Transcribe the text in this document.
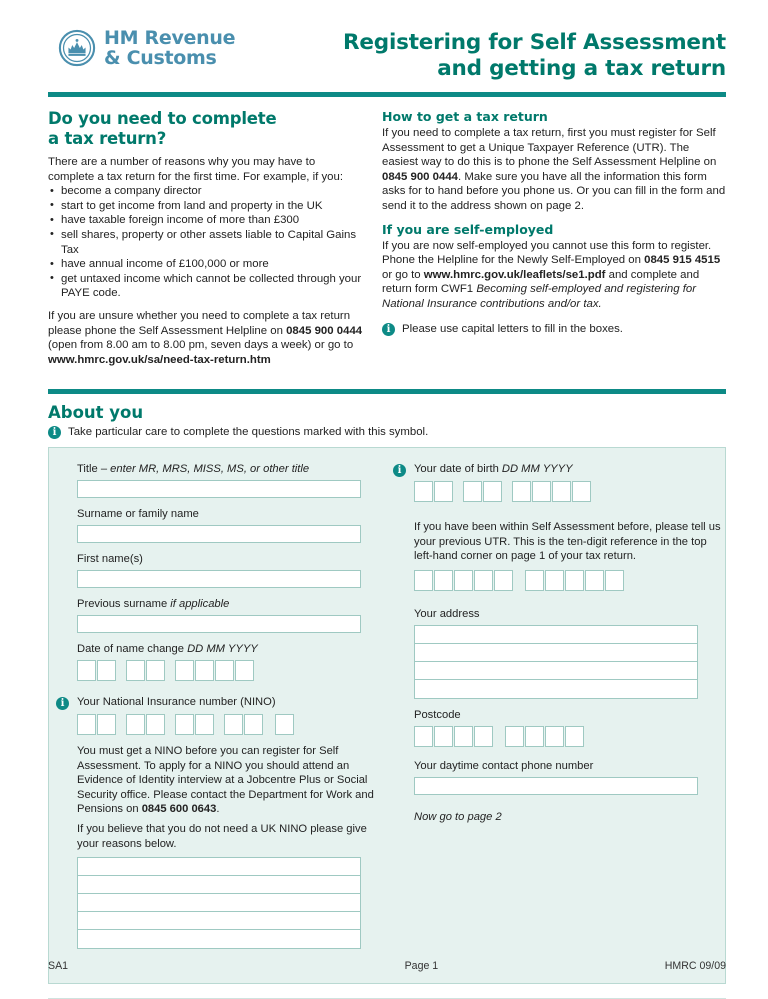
HM Revenue
& Customs
Registering for Self Assessment
and getting a tax return
Do you need to complete
a tax return?

There are a number of reasons why you may have to complete a tax return for the first time. For example, if you:

• become a company director
• start to get income from land and property in the UK
• have taxable foreign income of more than £300
• sell shares, property or other assets liable to Capital Gains Tax
• have annual income of £100,000 or more
• get untaxed income which cannot be collected through your PAYE code.

If you are unsure whether you need to complete a tax return please phone the Self Assessment Helpline on 0845 900 0444 (open from 8.00 am to 8.00 pm, seven days a week) or go to www.hmrc.gov.uk/sa/need-tax-return.htm

How to get a tax return

If you need to complete a tax return, first you must register for Self Assessment to get a Unique Taxpayer Reference (UTR). The easiest way to do this is to phone the Self Assessment Helpline on 0845 900 0444. Make sure you have all the information this form asks for to hand before you phone us. Or you can fill in the form and send it to the address shown on page 2.

If you are self-employed

If you are now self-employed you cannot use this form to register. Phone the Helpline for the Newly Self-Employed on 0845 915 4515 or go to www.hmrc.gov.uk/leaflets/se1.pdf and complete and return form CWF1 Becoming self-employed and registering for National Insurance contributions and/or tax.

i	Please use capital letters to fill in the boxes.
About you
i	Take particular care to complete the questions marked with this symbol.
Title – enter MR, MRS, MISS, MS, or other title
Surname or family name
First name(s)
Previous surname if applicable
Date of name change DD MM YYYY
i	Your National Insurance number (NINO)

You must get a NINO before you can register for Self Assessment. To apply for a NINO you should attend an Evidence of Identity interview at a Jobcentre Plus or Social Security office. Please contact the Department for Work and Pensions on 0845 600 0643.

If you believe that you do not need a UK NINO please give your reasons below.

i	Your date of birth DD MM YYYY

If you have been within Self Assessment before, please tell us your previous UTR. This is the ten-digit reference in the top left-hand corner on page 1 of your tax return.

Your address
Postcode
Your daytime contact phone number

Now go to page 2

SA1	Page 1	HMRC 09/09
